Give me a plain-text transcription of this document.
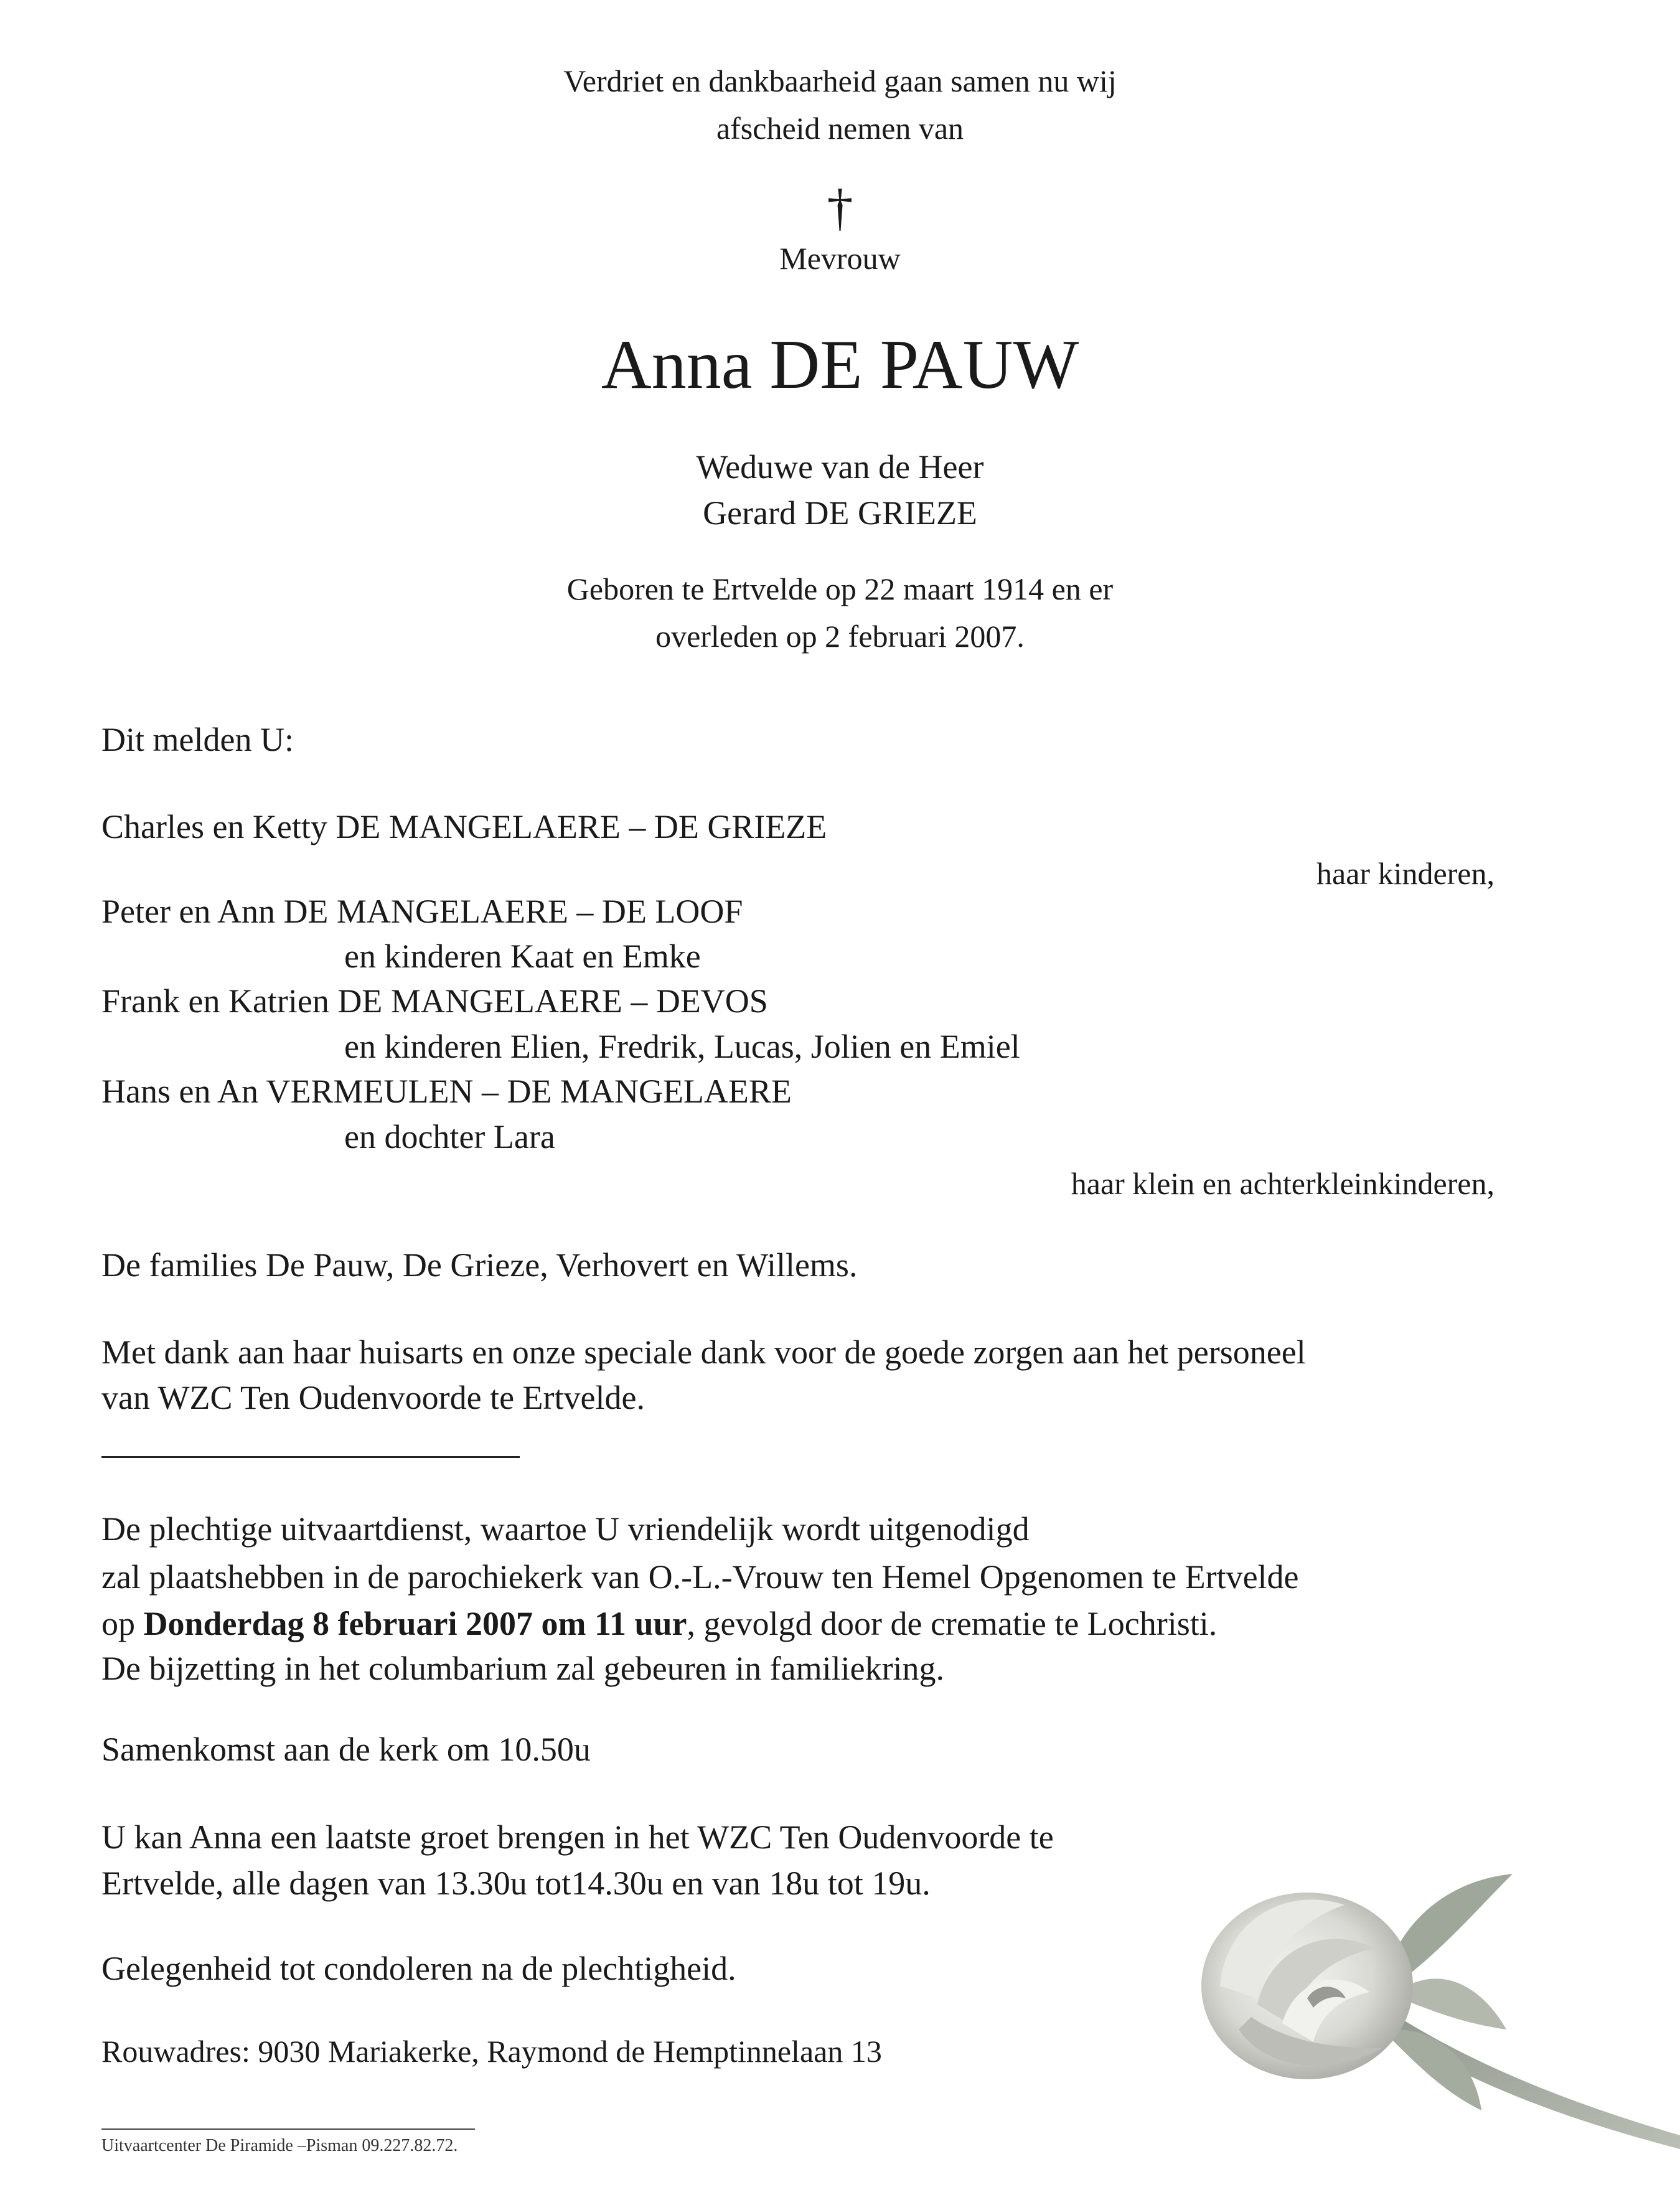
Verdriet en dankbaarheid gaan samen nu wij
afscheid nemen van
†
Mevrouw
Anna DE PAUW
Weduwe van de Heer
Gerard DE GRIEZE
Geboren te Ertvelde op 22 maart 1914 en er
overleden op 2 februari 2007.
Dit melden U:
Charles en Ketty DE MANGELAERE – DE GRIEZE
haar kinderen,
Peter en Ann DE MANGELAERE – DE LOOF
en kinderen Kaat en Emke
Frank en Katrien DE MANGELAERE – DEVOS
en kinderen Elien, Fredrik, Lucas, Jolien en Emiel
Hans en An VERMEULEN – DE MANGELAERE
en dochter Lara
haar klein en achterkleinkinderen,
De families De Pauw, De Grieze, Verhovert en Willems.
Met dank aan haar huisarts en onze speciale dank voor de goede zorgen aan het personeel
van WZC Ten Oudenvoorde te Ertvelde.
De plechtige uitvaartdienst, waartoe U vriendelijk wordt uitgenodigd
zal plaatshebben in de parochiekerk van O.-L.-Vrouw ten Hemel Opgenomen te Ertvelde
op Donderdag 8 februari 2007 om 11 uur, gevolgd door de crematie te Lochristi.
De bijzetting in het columbarium zal gebeuren in familiekring.
Samenkomst aan de kerk om 10.50u
U kan Anna een laatste groet brengen in het WZC Ten Oudenvoorde te
Ertvelde, alle dagen van 13.30u tot14.30u en van 18u tot 19u.
Gelegenheid tot condoleren na de plechtigheid.
Rouwadres: 9030 Mariakerke, Raymond de Hemptinnelaan 13
Uitvaartcenter De Piramide –Pisman 09.227.82.72.
